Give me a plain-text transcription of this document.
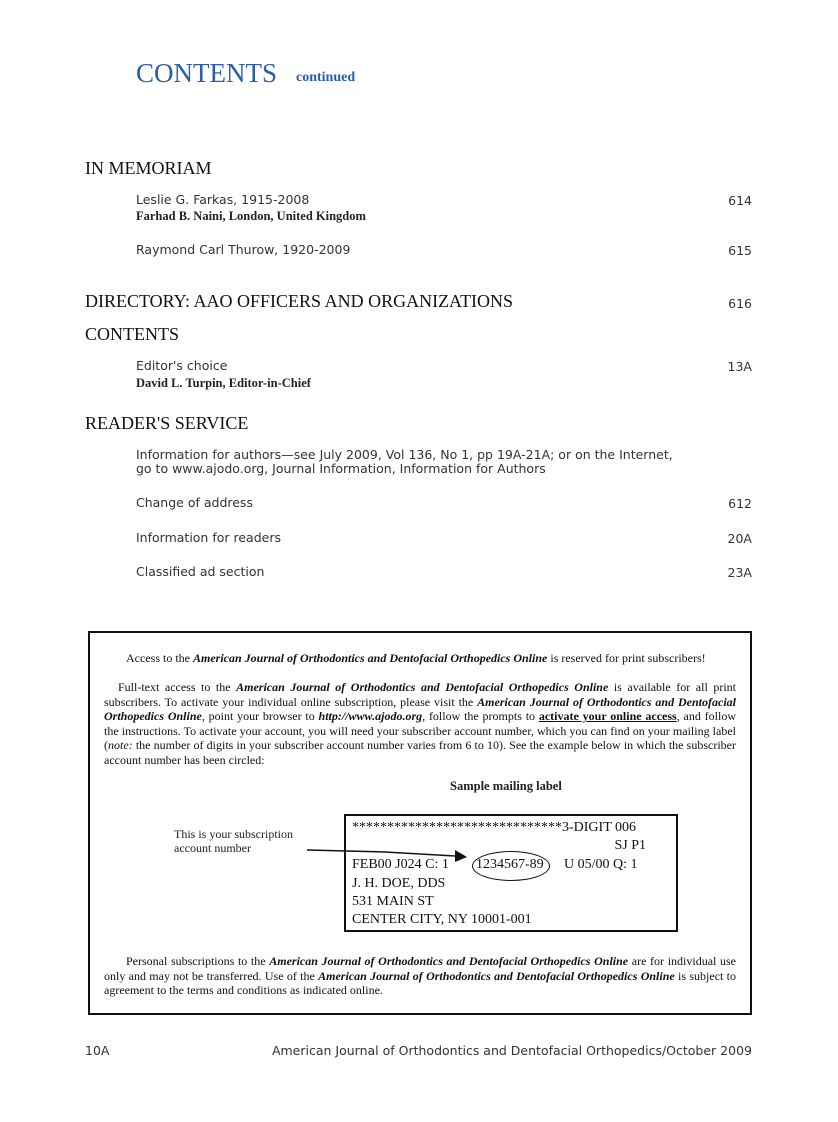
CONTENTS continued
IN MEMORIAM
Leslie G. Farkas, 1915-2008	614
Farhad B. Naini, London, United Kingdom
Raymond Carl Thurow, 1920-2009	615
DIRECTORY: AAO OFFICERS AND ORGANIZATIONS	616
CONTENTS
Editor's choice	13A
David L. Turpin, Editor-in-Chief
READER'S SERVICE
Information for authors—see July 2009, Vol 136, No 1, pp 19A-21A; or on the Internet,
go to www.ajodo.org, Journal Information, Information for Authors
Change of address	612
Information for readers	20A
Classified ad section	23A
Access to the American Journal of Orthodontics and Dentofacial Orthopedics Online is reserved for print subscribers!
Full-text access to the American Journal of Orthodontics and Dentofacial Orthopedics Online is available for all print subscribers. To activate your individual online subscription, please visit the American Journal of Orthodontics and Dentofacial Orthopedics Online, point your browser to http://www.ajodo.org, follow the prompts to activate your online access, and follow the instructions. To activate your account, you will need your subscriber account number, which you can find on your mailing label (note: the number of digits in your subscriber account number varies from 6 to 10). See the example below in which the subscriber account number has been circled:
Sample mailing label
This is your subscription account number
******************************3-DIGIT 006
SJ P1
FEB00 J024 C: 1 1234567-89 U 05/00 Q: 1
J. H. DOE, DDS
531 MAIN ST
CENTER CITY, NY 10001-001
Personal subscriptions to the American Journal of Orthodontics and Dentofacial Orthopedics Online are for individual use only and may not be transferred. Use of the American Journal of Orthodontics and Dentofacial Orthopedics Online is subject to agreement to the terms and conditions as indicated online.
10A	American Journal of Orthodontics and Dentofacial Orthopedics/October 2009
